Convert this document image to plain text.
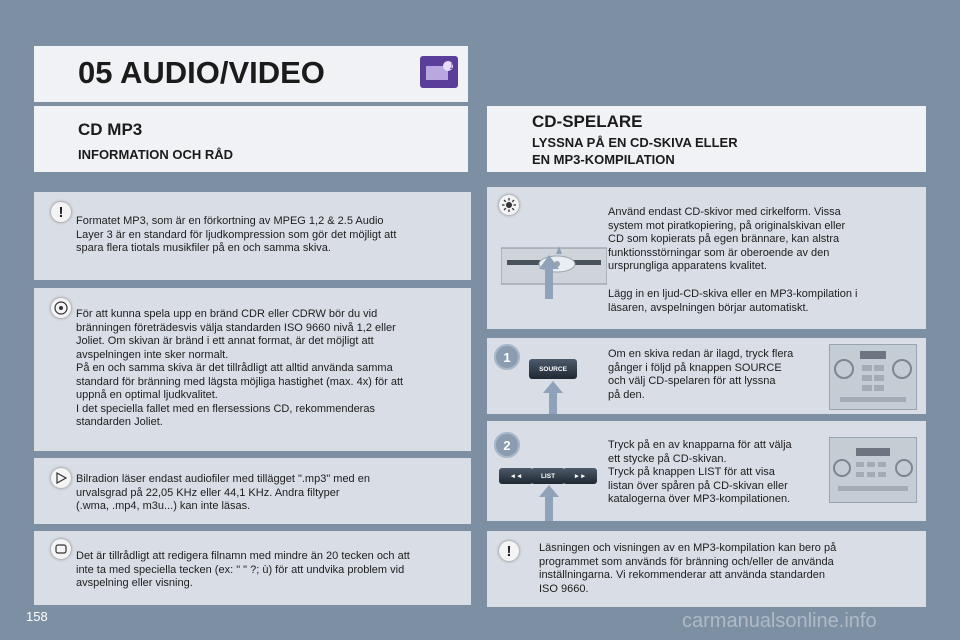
05 AUDIO/VIDEO	♪
CD MP3
INFORMATION OCH RÅD
!
Formatet MP3, som är en förkortning av MPEG 1,2 & 2.5 Audio
Layer 3 är en standard för ljudkompression som gör det möjligt att
spara flera tiotals musikfiler på en och samma skiva.
För att kunna spela upp en bränd CDR eller CDRW bör du vid
bränningen företrädesvis välja standarden ISO 9660 nivå 1,2 eller
Joliet. Om skivan är bränd i ett annat format, är det möjligt att
avspelningen inte sker normalt.
På en och samma skiva är det tillrådligt att alltid använda samma
standard för bränning med lägsta möjliga hastighet (max. 4x) för att
uppnå en optimal ljudkvalitet.
I det speciella fallet med en flersessions CD, rekommenderas
standarden Joliet.
Bilradion läser endast audiofiler med tillägget ".mp3" med en
urvalsgrad på 22,05 KHz eller 44,1 KHz. Andra filtyper
(.wma, .mp4, m3u...) kan inte läsas.
Det är tillrådligt att redigera filnamn med mindre än 20 tecken och att
inte ta med speciella tecken (ex: " " ?; ù) för att undvika problem vid
avspelning eller visning.
CD-SPELARE
LYSSNA PÅ EN CD-SKIVA ELLER
EN MP3-KOMPILATION
Använd endast CD-skivor med cirkelform. Vissa
system mot piratkopiering, på originalskivan eller
CD som kopierats på egen brännare, kan alstra
funktionsstörningar som är oberoende av den
ursprungliga apparatens kvalitet.
Lägg in en ljud-CD-skiva eller en MP3-kompilation i
läsaren, avspelningen börjar automatiskt.
1
SOURCE
Om en skiva redan är ilagd, tryck flera
gånger i följd på knappen SOURCE
och välj CD-spelaren för att lyssna
på den.
2
◄◄	LIST	►►
Tryck på en av knapparna för att välja
ett stycke på CD-skivan.
Tryck på knappen LIST för att visa
listan över spåren på CD-skivan eller
katalogerna över MP3-kompilationen.
!	Läsningen och visningen av en MP3-kompilation kan bero på
programmet som används för bränning och/eller de använda
inställningarna. Vi rekommenderar att använda standarden
ISO 9660.
158	carmanualsonline.info
